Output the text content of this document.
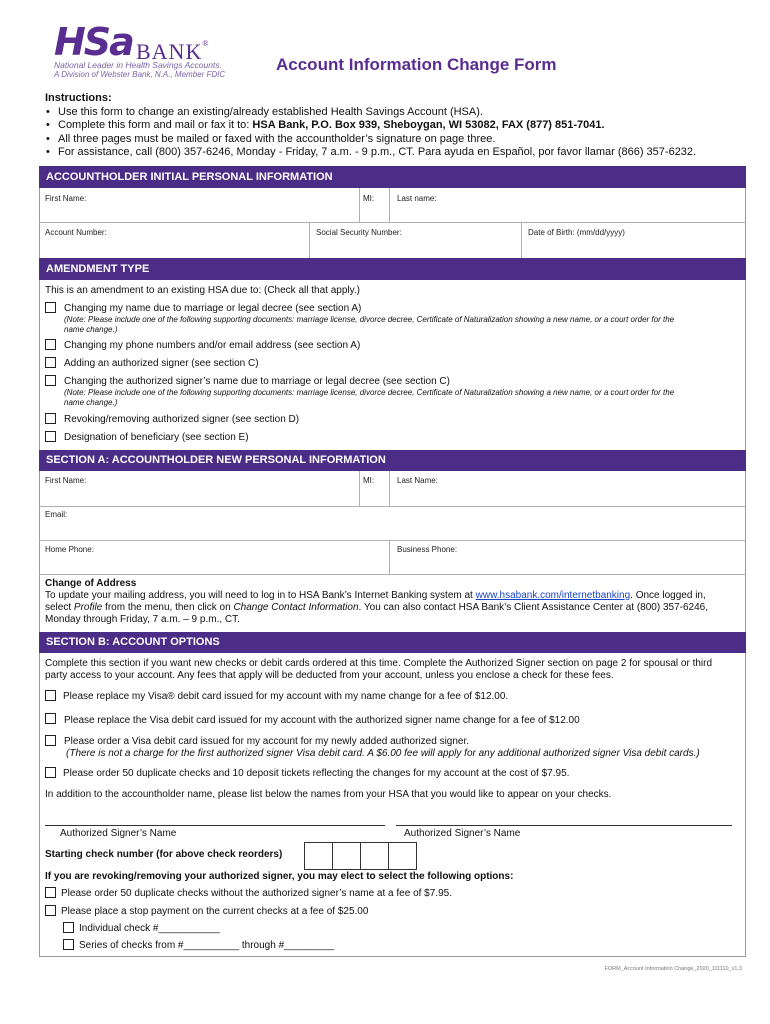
HSa BANK®
National Leader in Health Savings Accounts.
A Division of Webster Bank, N.A., Member FDIC
Account Information Change Form
Instructions:
• Use this form to change an existing/already established Health Savings Account (HSA).
• Complete this form and mail or fax it to: HSA Bank, P.O. Box 939, Sheboygan, WI 53082, FAX (877) 851-7041.
• All three pages must be mailed or faxed with the accountholder’s signature on page three.
• For assistance, call (800) 357-6246, Monday - Friday, 7 a.m. - 9 p.m., CT. Para ayuda en Español, por favor llamar (866) 357-6232.
ACCOUNTHOLDER INITIAL PERSONAL INFORMATION
First Name:	MI:	Last name:
Account Number:	Social Security Number:	Date of Birth: (mm/dd/yyyy)
AMENDMENT TYPE
This is an amendment to an existing HSA due to: (Check all that apply.)
Changing my name due to marriage or legal decree (see section A)
(Note: Please include one of the following supporting documents: marriage license, divorce decree, Certificate of Naturalization showing a new name, or a court order for the
name change.)
Changing my phone numbers and/or email address (see section A)
Adding an authorized signer (see section C)
Changing the authorized signer’s name due to marriage or legal decree (see section C)
(Note: Please include one of the following supporting documents: marriage license, divorce decree, Certificate of Naturalization showing a new name, or a court order for the
name change.)
Revoking/removing authorized signer (see section D)
Designation of beneficiary (see section E)
SECTION A: ACCOUNTHOLDER NEW PERSONAL INFORMATION
First Name:	MI:	Last Name:
Email:
Home Phone:	Business Phone:
Change of Address
To update your mailing address, you will need to log in to HSA Bank’s Internet Banking system at www.hsabank.com/internetbanking. Once logged in, select Profile from the menu, then click on Change Contact Information. You can also contact HSA Bank’s Client Assistance Center at (800) 357-6246, Monday through Friday, 7 a.m. – 9 p.m., CT.
SECTION B: ACCOUNT OPTIONS
Complete this section if you want new checks or debit cards ordered at this time. Complete the Authorized Signer section on page 2 for spousal or third party access to your account. Any fees that apply will be deducted from your account, unless you enclose a check for these fees.
Please replace my Visa® debit card issued for my account with my name change for a fee of $12.00.
Please replace the Visa debit card issued for my account with the authorized signer name change for a fee of $12.00
Please order a Visa debit card issued for my account for my newly added authorized signer.
(There is not a charge for the first authorized signer Visa debit card. A $6.00 fee will apply for any additional authorized signer Visa debit cards.)
Please order 50 duplicate checks and 10 deposit tickets reflecting the changes for my account at the cost of $7.95.
In addition to the accountholder name, please list below the names from your HSA that you would like to appear on your checks.
Authorized Signer’s Name	Authorized Signer’s Name
Starting check number (for above check reorders)
If you are revoking/removing your authorized signer, you may elect to select the following options:
Please order 50 duplicate checks without the authorized signer’s name at a fee of $7.95.
Please place a stop payment on the current checks at a fee of $25.00
Individual check #___________
Series of checks from #__________ through #_________
FORM_Account Information Change_2020_111110_v1.3
